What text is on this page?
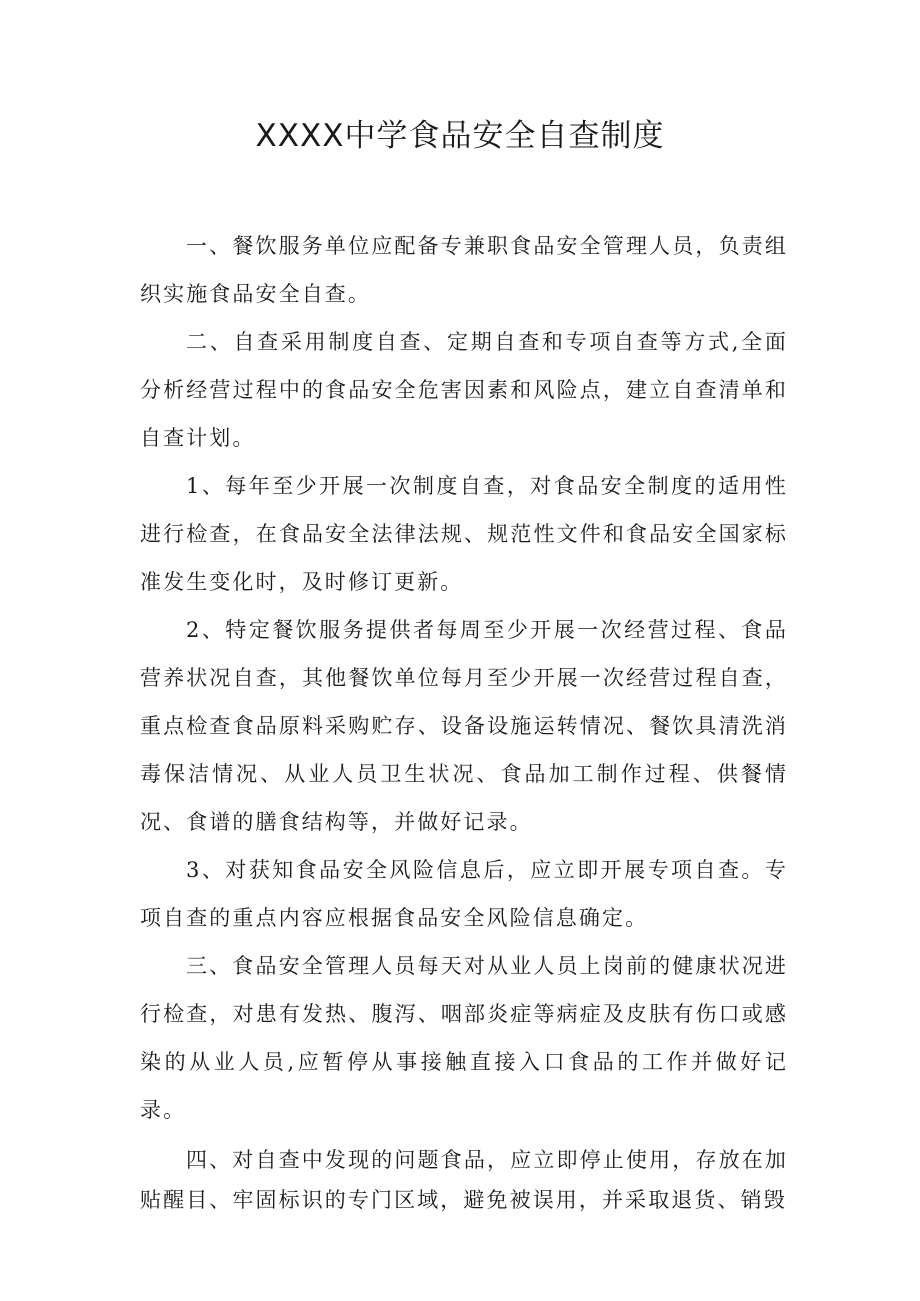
XXXX中学食品安全自查制度

一、餐饮服务单位应配备专兼职食品安全管理人员，负责组织实施食品安全自查。

二、自查采用制度自查、定期自查和专项自查等方式,全面分析经营过程中的食品安全危害因素和风险点，建立自查清单和自查计划。

1、每年至少开展一次制度自查，对食品安全制度的适用性进行检查，在食品安全法律法规、规范性文件和食品安全国家标准发生变化时，及时修订更新。

2、特定餐饮服务提供者每周至少开展一次经营过程、食品营养状况自查，其他餐饮单位每月至少开展一次经营过程自查，重点检查食品原料采购贮存、设备设施运转情况、餐饮具清洗消毒保洁情况、从业人员卫生状况、食品加工制作过程、供餐情况、食谱的膳食结构等，并做好记录。

3、对获知食品安全风险信息后，应立即开展专项自查。专项自查的重点内容应根据食品安全风险信息确定。

三、食品安全管理人员每天对从业人员上岗前的健康状况进行检查，对患有发热、腹泻、咽部炎症等病症及皮肤有伤口或感染的从业人员,应暂停从事接触直接入口食品的工作并做好记录。

四、对自查中发现的问题食品，应立即停止使用，存放在加贴醒目、牢固标识的专门区域，避免被误用，并采取退货、销毁
